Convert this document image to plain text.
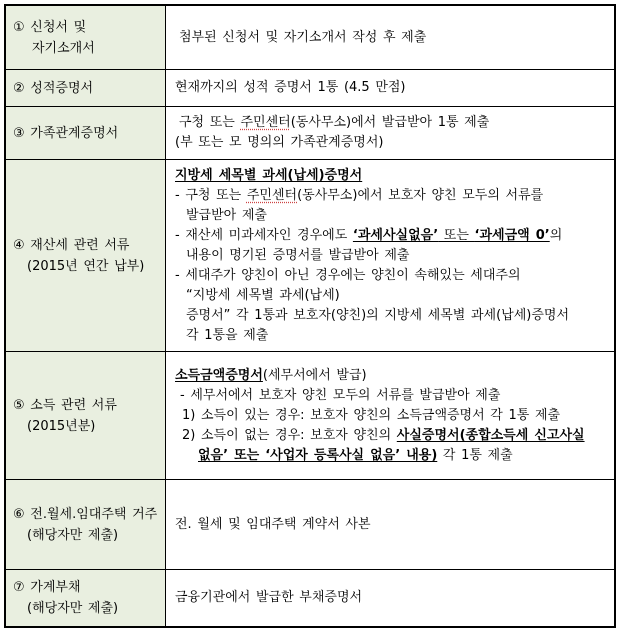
① 신청서 및
자기소개서
첨부된 신청서 및 자기소개서 작성 후 제출
② 성적증명서	현재까지의 성적 증명서 1통 (4.5 만점)
③ 가족관계증명서
구청 또는 주민센터(동사무소)에서 발급받아 1통 제출
(부 또는 모 명의의 가족관계증명서)
④ 재산세 관련 서류
(2015년 연간 납부)
지방세 세목별 과세(납세)증명서
- 구청 또는 주민센터(동사무소)에서 보호자 양친 모두의 서류를
발급받아 제출
- 재산세 미과세자인 경우에도 ‘과세사실없음’ 또는 ‘과세금액 0’의
내용이 명기된 증명서를 발급받아 제출
- 세대주가 양친이 아닌 경우에는 양친이 속해있는 세대주의
“지방세 세목별 과세(납세)
증명서” 각 1통과 보호자(양친)의 지방세 세목별 과세(납세)증명서
각 1통을 제출
⑤ 소득 관련 서류
(2015년분)
소득금액증명서(세무서에서 발급)
- 세무서에서 보호자 양친 모두의 서류를 발급받아 제출
1) 소득이 있는 경우: 보호자 양친의 소득금액증명서 각 1통 제출
2) 소득이 없는 경우: 보호자 양친의 사실증명서(종합소득세 신고사실
없음’ 또는 ‘사업자 등록사실 없음’ 내용) 각 1통 제출
⑥ 전.월세.임대주택 거주
(해당자만 제출)
전. 월세 및 임대주택 계약서 사본
⑦ 가계부채
(해당자만 제출)
금융기관에서 발급한 부채증명서
